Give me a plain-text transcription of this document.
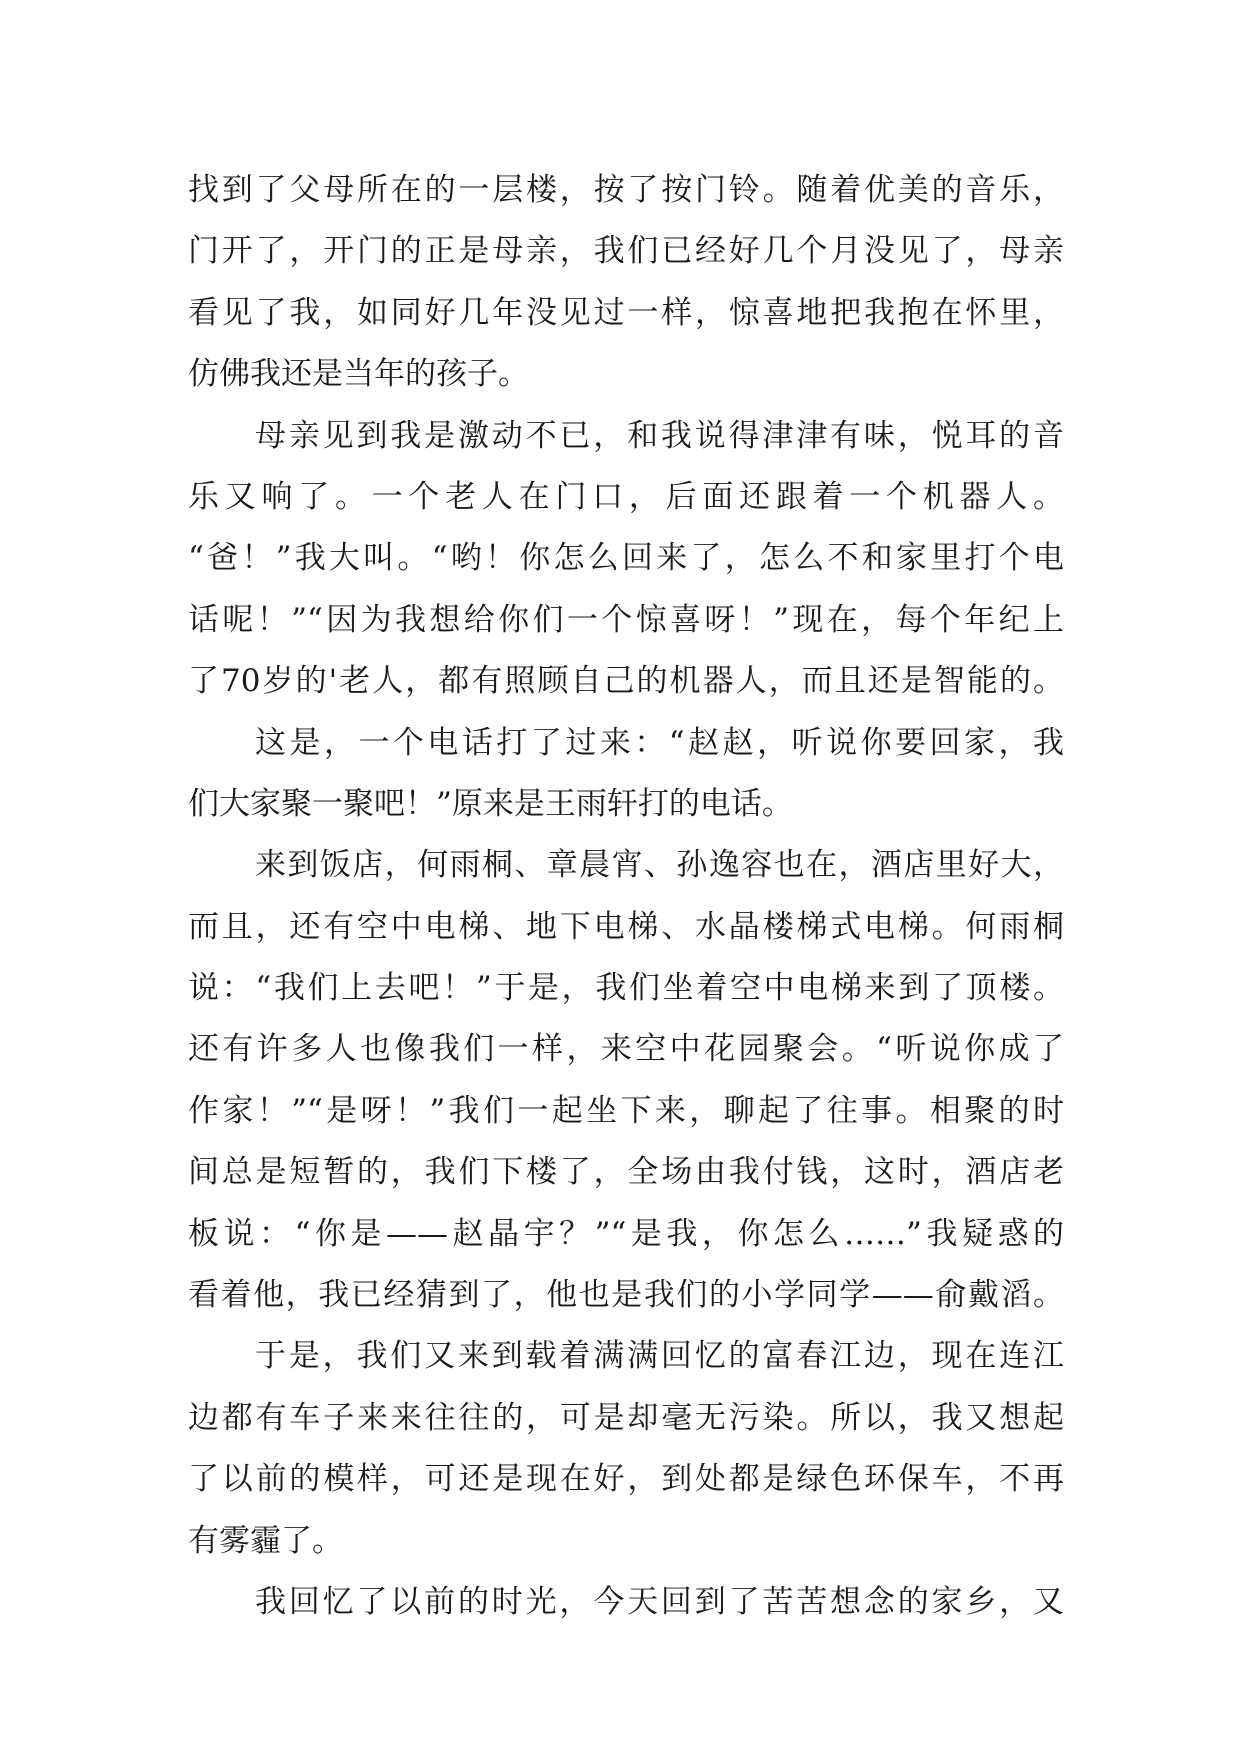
找到了父母所在的一层楼，按了按门铃。随着优美的音乐，
门开了，开门的正是母亲，我们已经好几个月没见了，母亲
看见了我，如同好几年没见过一样，惊喜地把我抱在怀里，
仿佛我还是当年的孩子。
母亲见到我是激动不已，和我说得津津有味，悦耳的音
乐又响了。一个老人在门口，后面还跟着一个机器人。
“爸！”我大叫。“哟！你怎么回来了，怎么不和家里打个电
话呢！”“因为我想给你们一个惊喜呀！”现在，每个年纪上
了70岁的'老人，都有照顾自己的机器人，而且还是智能的。
这是，一个电话打了过来：“赵赵，听说你要回家，我
们大家聚一聚吧！”原来是王雨轩打的电话。
来到饭店，何雨桐、章晨宵、孙逸容也在，酒店里好大，
而且，还有空中电梯、地下电梯、水晶楼梯式电梯。何雨桐
说：“我们上去吧！”于是，我们坐着空中电梯来到了顶楼。
还有许多人也像我们一样，来空中花园聚会。“听说你成了
作家！”“是呀！”我们一起坐下来，聊起了往事。相聚的时
间总是短暂的，我们下楼了，全场由我付钱，这时，酒店老
板说：“你是——赵晶宇？”“是我，你怎么……”我疑惑的
看着他，我已经猜到了，他也是我们的小学同学——俞戴滔。
于是，我们又来到载着满满回忆的富春江边，现在连江
边都有车子来来往往的，可是却毫无污染。所以，我又想起
了以前的模样，可还是现在好，到处都是绿色环保车，不再
有雾霾了。
我回忆了以前的时光，今天回到了苦苦想念的家乡，又
